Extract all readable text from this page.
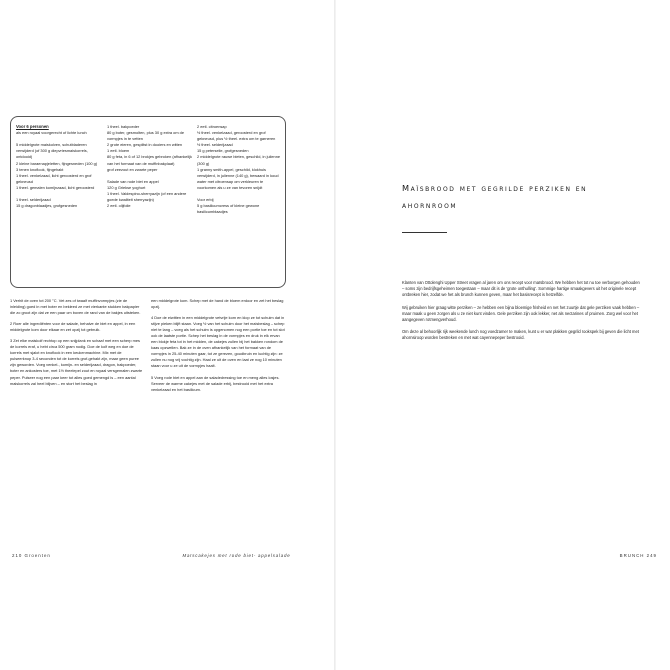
Voor 6 personen

als een royaal voorgerecht of lichte lunch

5 middelgrote maiskolven, schutbladeren verwijderd (of 300 g diepvriesmaiskorrels, ontdooid)

2 kleine baraenapjeletten, fijngesneden (100 g)

3 tenen knoflook, fijngehakt

1 theel. venkelzaad, licht geroosterd en grof gekneusd

1 theel. gemalen komijnzaad, licht geroosterd

1 theel. selderijzaad

15 g dragonblaadjes, grofgesneden

1 theel. bakpoeder

80 g boter, gesmolten, plus 30 g extra om de vormpjes in te vetten

2 grote eieren, gesplitst in dooiers en witten

1 eetl. bloem

80 g feta, in 6 of 12 brokjes gebroken (afhankelijk van het formaat van de muffinbakplaat)

grof zeezout en zwarte peper

Salade van rode biet en appel

120 g Griekse yoghurt

1 theel. Valdespino-sherryazijn (of een andere goede kwaliteit sherryazijn)

2 eetl. olijfolie

2 eetl. citroensap

½ theel. venkelzaad, geroosterd en grof gekneusd, plus ½ theel. extra om te garneren

½ theel. selderijzaad

15 g peterselie, grofgesneden

2 middelgrote rauwe bieten, geschild, in julienne (300 g)

1 granny smith-appel, geschild, klokhuis verwijderd, in julienne (140 g), bewaard in koud water met citroensap om verkleuren te voorkomen als u ze van tevoren snijdt

Voor erbij

5 g basilicumcress of kleine gewone basilicumblaadjes

1 Verhit de oven tot 200 °C. Vet zes of twaalf muffinvormpjes (zie de inleiding) goed in met boter en bekleed ze met vierkante stukken bakpapier die zo groot zijn dat ze een paar cm boven de rand van de bakjes uitsteken.

2 Roer alle ingrediënten voor de salade, behalve de biet en appel, in een middelgrote kom door elkaar en zet opzij tot gebruik.

3 Zet elke maiskolf rechtop op een snijplank en schaaf met een scherp mes de korrels eraf, u hebt circa 500 gram nodig. Doe de kolf weg en doe de korrels met sjalot en knoflook in een keukenmachine. Mix met de pulseerknop 3-4 seconden tot de korrels grof-gehakt zijn, maar geen puree zijn geworden. Voeg venkel-, komijn- en selderijzaad, dragon, bakpoeder, boter en ankosters toe, met 1½ theelepel zout en royaal versgemalen zwarte peper. Pulseer nog een paar keer tot alles goed gemengd is – een aantal maiskorrels zal heel blijven – en stort het beslag in

een middelgrote kom. Schep met de hand de bloem erdoor en zet het beslag opzij.

4 Doe de eiwitten in een middelgrote vetvrije kom en klop ze tot schuim dat in stijve pieken blijft staan. Voeg ½ van het schuim door het maisbeslag – schep niet te lang – voeg als het schuim is opgenomen nog een portie toe en tot slot ook de laatste portie. Schep het beslag in de vormpjes en druk in elk ervan een blokje feta tot in het midden, de cakejes zullen bij het bakken rondom de kaas opzwellen. Bak ze in de oven afhankelijk van het formaat van de vormpjes in 25-40 minuten gaar, tot ze gerezen, goudbruin en luchtig zijn: ze zullen nu nog vrij vochtig zijn. Haal ze uit de oven en laat ze nog 10 minuten staan voor u ze uit de vormpjes haalt.

5 Voeg rode biet en appel aan de saladedressing toe en meng alles losjes. Serveer de warme cakejes met de salade erbij, bestrooid met het extra venkelzaad en het basilicum.

Maïsbrood met gegrilde perziken en ahornroom

Klanten van Ottolenghi Upper Street vragen al jaren om ons recept voor maïsbrood. We hebben het tot nu toe verborgen gehouden – soms zijn bedrijfsgeheimen toegestaan – maar dit is de 'grote onthulling'. Sommige hartige smaakgevers uit het originele recept ontbreken hier, zodat we het als brunch kunnen geven, maar het basisrecept is hetzelfde.

Wij gebruiken hier graag witte perziken – ze hebben een bijna bloemige frisheid en net het zuurtje dat gele perziken vaak hebben – maar maak u geen zorgen als u ze niet kunt vinden. Gele perziken zijn ook lekker, net als nectarines of pruimen. Zorg wel voor het aangegeven rotmengverhoud.

Om deze al behoorlijk rijk weekende lunch nog voedzamer te maken, kunt u er war plakken gegrild rookspek bij geven die licht met ahornsiroop worden bestreken en met wat cayennepeper bestrooid.

210 Groenten	Maïscakejes met rode biet- appelsalade	BRUNCH 249
